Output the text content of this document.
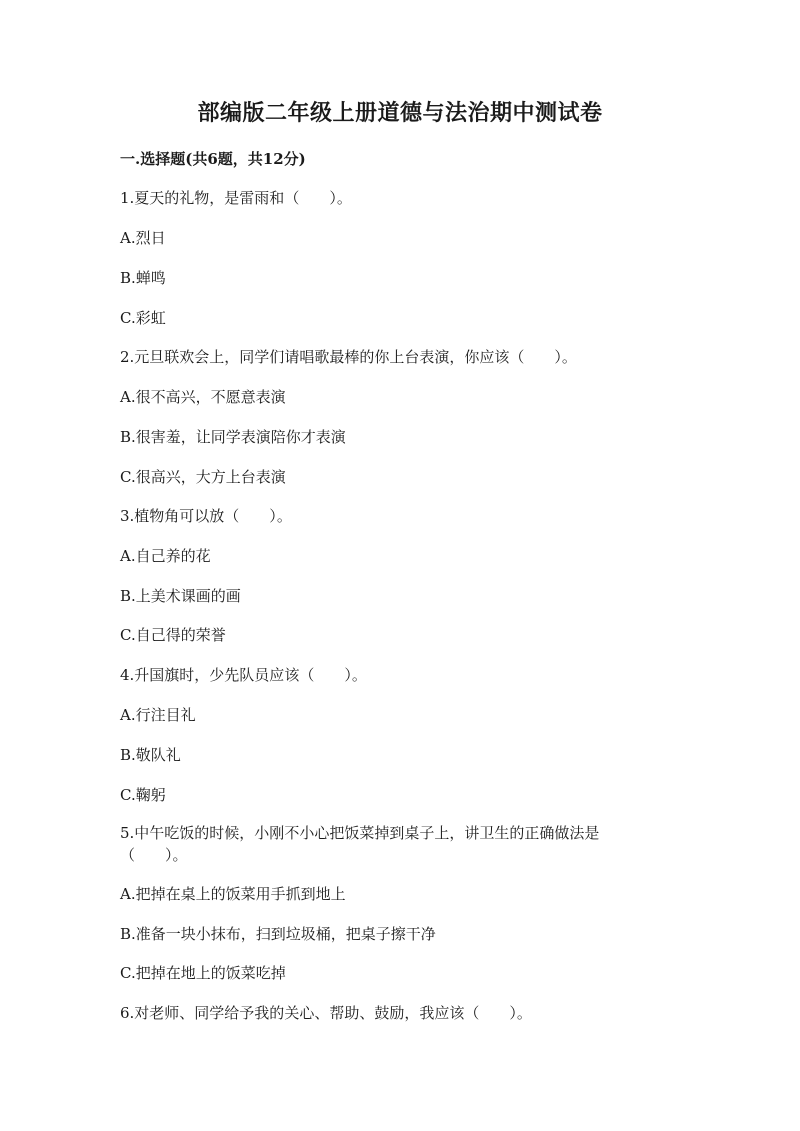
部编版二年级上册道德与法治期中测试卷
一.选择题(共6题，共12分)
1.夏天的礼物，是雷雨和（　　）。
A.烈日
B.蝉鸣
C.彩虹
2.元旦联欢会上，同学们请唱歌最棒的你上台表演，你应该（　　）。
A.很不高兴，不愿意表演
B.很害羞，让同学表演陪你才表演
C.很高兴，大方上台表演
3.植物角可以放（　　）。
A.自己养的花
B.上美术课画的画
C.自己得的荣誉
4.升国旗时，少先队员应该（　　）。
A.行注目礼
B.敬队礼
C.鞠躬
5.中午吃饭的时候，小刚不小心把饭菜掉到桌子上，讲卫生的正确做法是（　　）。
A.把掉在桌上的饭菜用手抓到地上
B.准备一块小抹布，扫到垃圾桶，把桌子擦干净
C.把掉在地上的饭菜吃掉
6.对老师、同学给予我的关心、帮助、鼓励，我应该（　　）。
